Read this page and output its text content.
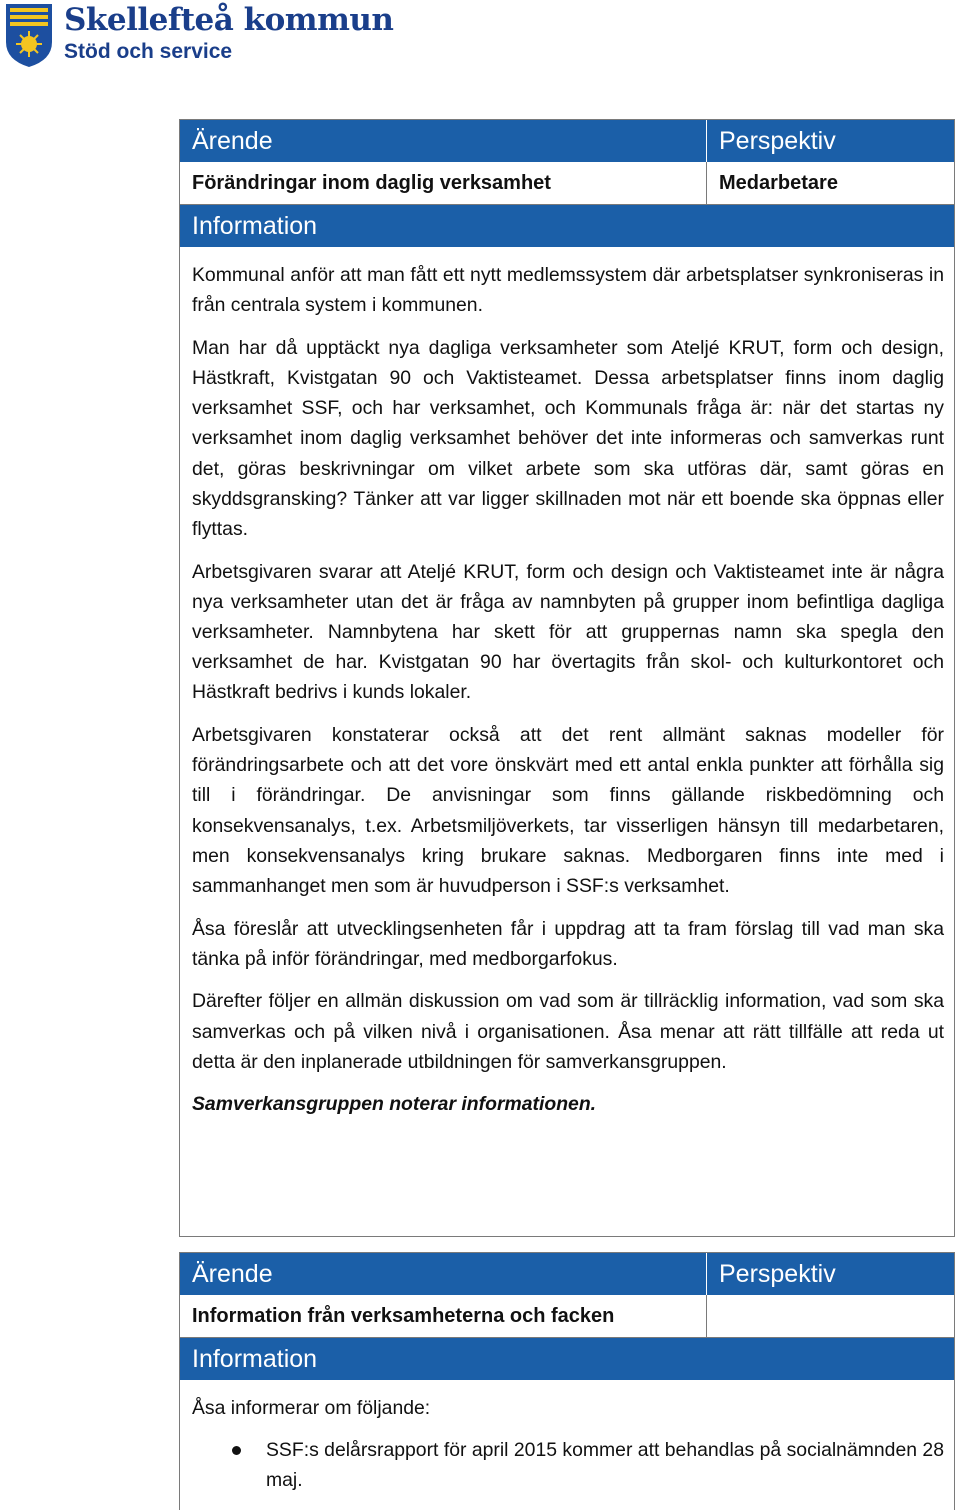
Skellefteå kommun
Stöd och service
Ärende	Perspektiv
Förändringar inom daglig verksamhet	Medarbetare
Information

Kommunal anför att man fått ett nytt medlemssystem där arbetsplatser synkroniseras in från centrala system i kommunen.

Man har då upptäckt nya dagliga verksamheter som Ateljé KRUT, form och design, Hästkraft, Kvistgatan 90 och Vaktisteamet. Dessa arbetsplatser finns inom daglig verksamhet SSF, och har verksamhet, och Kommunals fråga är: när det startas ny verksamhet inom daglig verksamhet behöver det inte informeras och samverkas runt det, göras beskrivningar om vilket arbete som ska utföras där, samt göras en skyddsgransking? Tänker att var ligger skillnaden mot när ett boende ska öppnas eller flyttas.

Arbetsgivaren svarar att Ateljé KRUT, form och design och Vaktisteamet inte är några nya verksamheter utan det är fråga av namnbyten på grupper inom befintliga dagliga verksamheter. Namnbytena har skett för att gruppernas namn ska spegla den verksamhet de har. Kvistgatan 90 har övertagits från skol- och kulturkontoret och Hästkraft bedrivs i kunds lokaler.

Arbetsgivaren konstaterar också att det rent allmänt saknas modeller för förändringsarbete och att det vore önskvärt med ett antal enkla punkter att förhålla sig till i förändringar. De anvisningar som finns gällande riskbedömning och konsekvensanalys, t.ex. Arbetsmiljöverkets, tar visserligen hänsyn till medarbetaren, men konsekvensanalys kring brukare saknas. Medborgaren finns inte med i sammanhanget men som är huvudperson i SSF:s verksamhet.

Åsa föreslår att utvecklingsenheten får i uppdrag att ta fram förslag till vad man ska tänka på inför förändringar, med medborgarfokus.

Därefter följer en allmän diskussion om vad som är tillräcklig information, vad som ska samverkas och på vilken nivå i organisationen. Åsa menar att rätt tillfälle att reda ut detta är den inplanerade utbildningen för samverkansgruppen.

Samverkansgruppen noterar informationen.

Ärende	Perspektiv
Information från verksamheterna och facken
Information

Åsa informerar om följande:

SSF:s delårsrapport för april 2015 kommer att behandlas på socialnämnden 28 maj.
